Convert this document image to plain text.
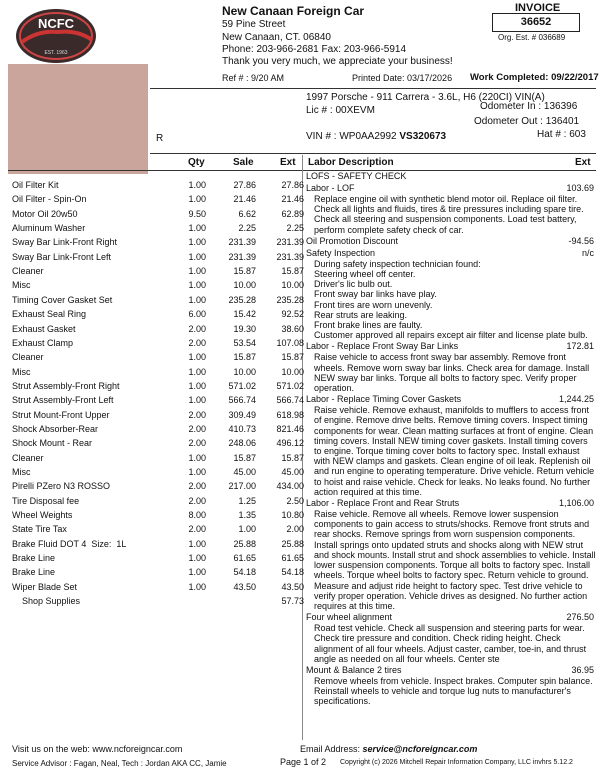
NCFC
EST. 1963
New Canaan Foreign Car
59 Pine Street
New Canaan, CT. 06840
Phone: 203-966-2681 Fax: 203-966-5914
Thank you very much, we appreciate your business!
INVOICE
36652
Org. Est. # 036689
Ref # : 9/20 AM	Printed Date: 03/17/2026 Work Completed: 09/22/2017
1997 Porsche - 911 Carrera - 3.6L, H6 (220CI) VIN(A)
Lic # : 00XEVM	Odometer In : 136396
Odometer Out : 136401
VIN # : WP0AA2992 VS320673	Hat # : 603
R
Qty	Sale	Ext Labor Description	Ext
Oil Filter Kit	1.00	27.86	27.86
Oil Filter - Spin-On	1.00	21.46	21.46
Motor Oil 20w50	9.50	6.62	62.89
Aluminum Washer	1.00	2.25	2.25
Sway Bar Link-Front Right	1.00 231.39 231.39
Sway Bar Link-Front Left	1.00 231.39 231.39
Cleaner	1.00	15.87	15.87
Misc	1.00	10.00	10.00
Timing Cover Gasket Set	1.00 235.28 235.28
Exhaust Seal Ring	6.00	15.42	92.52
Exhaust Gasket	2.00	19.30	38.60
Exhaust Clamp	2.00	53.54 107.08
Cleaner	1.00	15.87	15.87
Misc	1.00	10.00	10.00
Strut Assembly-Front Right	1.00 571.02 571.02
Strut Assembly-Front Left	1.00 566.74 566.74
Strut Mount-Front Upper	2.00 309.49 618.98
Shock Absorber-Rear	2.00 410.73 821.46
Shock Mount - Rear	2.00 248.06 496.12
Cleaner	1.00	15.87	15.87
Misc	1.00	45.00	45.00
Pirelli PZero N3 ROSSO	2.00 217.00 434.00
Tire Disposal fee	2.00	1.25	2.50
Wheel Weights	8.00	1.35	10.80
State Tire Tax	2.00	1.00	2.00
Brake Fluid DOT 4  Size:  1L	1.00	25.88	25.88
Brake Line	1.00	61.65	61.65
Brake Line	1.00	54.18	54.18
Wiper Blade Set	1.00	43.50	43.50
Shop Supplies	57.73
LOFS - SAFETY CHECK
Labor - LOF	103.69
Replace engine oil with synthetic blend motor oil. Replace oil filter. Check all lights and fluids, tires & tire pressures including spare tire. Check all steering and suspension components. Load test battery, perform complete safety check of car.
Oil Promotion Discount	-94.56
Safety Inspection	n/c
During safety inspection technician found:
Steering wheel off center.
Driver's lic bulb out.
Front sway bar links have play.
Front tires are worn unevenly.
Rear struts are leaking.
Front brake lines are faulty.
Customer approved all repairs except air filter and license plate bulb.
Labor - Replace Front Sway Bar Links	172.81
Raise vehicle to access front sway bar assembly. Remove front wheels. Remove worn sway bar links. Check area for damage. Install NEW sway bar links. Torque all bolts to factory spec. Verify proper operation.
Labor - Replace Timing Cover Gaskets	1,244.25
Raise vehicle. Remove exhaust, manifolds to mufflers to access front of engine. Remove drive belts. Remove timing covers. Inspect timing components for wear. Clean matting surfaces at front of engine. Clean timing covers. Install NEW timing cover gaskets. Install timing covers to engine. Torque timing cover bolts to factory spec. Install exhaust with NEW clamps and gaskets. Clean engine of oil leak. Replenish oil and run engine to operating temperature. Drive vehicle. Return vehicle to hoist and raise vehicle. Check for leaks. No leaks found. No further action required at this time.
Labor - Replace Front and Rear Struts	1,106.00
Raise vehicle. Remove all wheels. Remove lower suspension components to gain access to struts/shocks. Remove front struts and rear shocks. Remove springs from worn suspension components. Install springs onto updated struts and shocks along with NEW strut and shock mounts. Install strut and shock assemblies to vehicle. Install lower suspension components. Torque all bolts to factory spec. Install wheels. Torque wheel bolts to factory spec. Return vehicle to ground. Measure and adjust ride height to factory spec. Test drive vehicle to verify proper operation. Vehicle drives as designed. No further action requires at this time.
Four wheel alignment	276.50
Road test vehicle. Check all suspension and steering parts for wear. Check tire pressure and condition. Check riding height. Check alignment of all four wheels. Adjust caster, camber, toe-in, and thrust angle as needed on all four wheels. Center ste
Mount & Balance 2 tires	36.95
Remove wheels from vehicle. Inspect brakes. Computer spin balance. Reinstall wheels to vehicle and torque lug nuts to manufacturer's specifications.
Visit us on the web: www.ncforeigncar.com	Email Address: service@ncforeigncar.com
Service Advisor : Fagan, Neal, Tech : Jordan AKA CC, Jamie	Page 1 of 2 Copyright (c) 2026 Mitchell Repair Information Company, LLC invhrs 5.12.2
